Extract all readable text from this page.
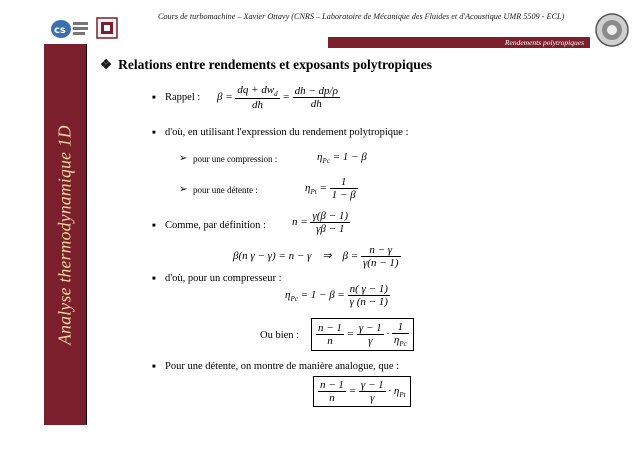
cs
Cours de turbomachine – Xavier Ottavy (CNRS – Laboratoire de Mécanique des Fluides et d'Acoustique UMR 5509 - ECL)
Rendements polytropiques
Analyse thermodynamique 1D
❖ Relations entre rendements et exposants polytropiques
■ Rappel : $\beta = \frac{dq + dw_d}{dh} = \frac{dh - dp/\rho}{dh}$
■ d'où, en utilisant l'expression du rendement polytropique :
➢ pour une compression :	$\eta_{Pc} = 1 - \beta$
➢ pour une détente :	$\eta_{Pt} = \frac{1}{1 - \beta}$
■ Comme, par définition : $n = \frac{\gamma(\beta - 1)}{\gamma\beta - 1}$
β(n γ − γ) = n − γ    ⇒    $\beta = \frac{n - \gamma}{\gamma(n - 1)}$
■ d'où, pour un compresseur :
$\eta_{Pc} = 1 - \beta = \frac{n( \gamma - 1)}{\gamma (n - 1)}$
Ou bien : $\frac{n - 1}{n} = \frac{\gamma - 1}{\gamma} \cdot \frac{1}{\eta_{Pc}}$
■ Pour une détente, on montre de manière analogue, que :
$\frac{n - 1}{n} = \frac{\gamma - 1}{\gamma} \cdot \eta_{Pt}$
